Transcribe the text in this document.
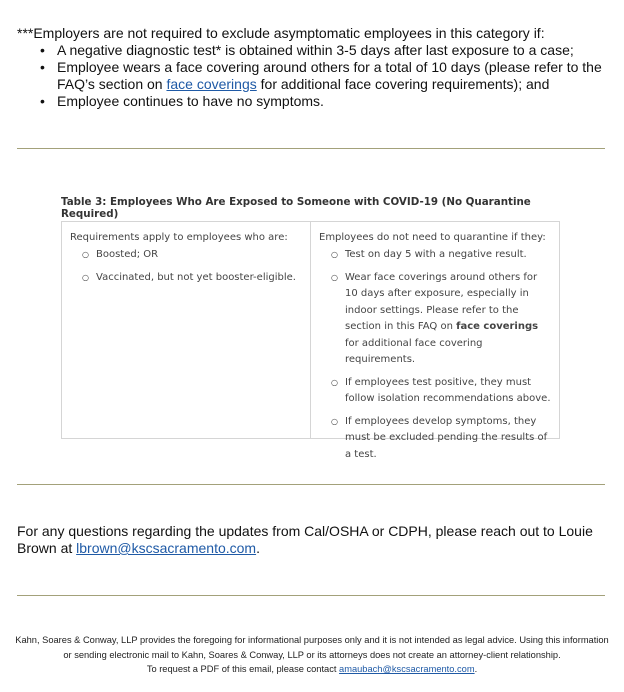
***Employers are not required to exclude asymptomatic employees in this category if:

• A negative diagnostic test* is obtained within 3-5 days after last exposure to a case;
• Employee wears a face covering around others for a total of 10 days (please refer to the FAQ’s section on face coverings for additional face covering requirements); and
• Employee continues to have no symptoms.
Table 3: Employees Who Are Exposed to Someone with COVID-19 (No Quarantine Required)
Requirements apply to employees who are:
○ Boosted; OR
○ Vaccinated, but not yet booster-eligible.
Employees do not need to quarantine if they:
○ Test on day 5 with a negative result.
○ Wear face coverings around others for 10 days after exposure, especially in indoor settings. Please refer to the section in this FAQ on face coverings for additional face covering requirements.
○ If employees test positive, they must follow isolation recommendations above.
○ If employees develop symptoms, they must be excluded pending the results of a test.

For any questions regarding the updates from Cal/OSHA or CDPH, please reach out to Louie Brown at lbrown@kscsacramento.com.

Kahn, Soares & Conway, LLP provides the foregoing for informational purposes only and it is not intended as legal advice. Using this information or sending electronic mail to Kahn, Soares & Conway, LLP or its attorneys does not create an attorney-client relationship.

To request a PDF of this email, please contact amaubach@kscsacramento.com.
